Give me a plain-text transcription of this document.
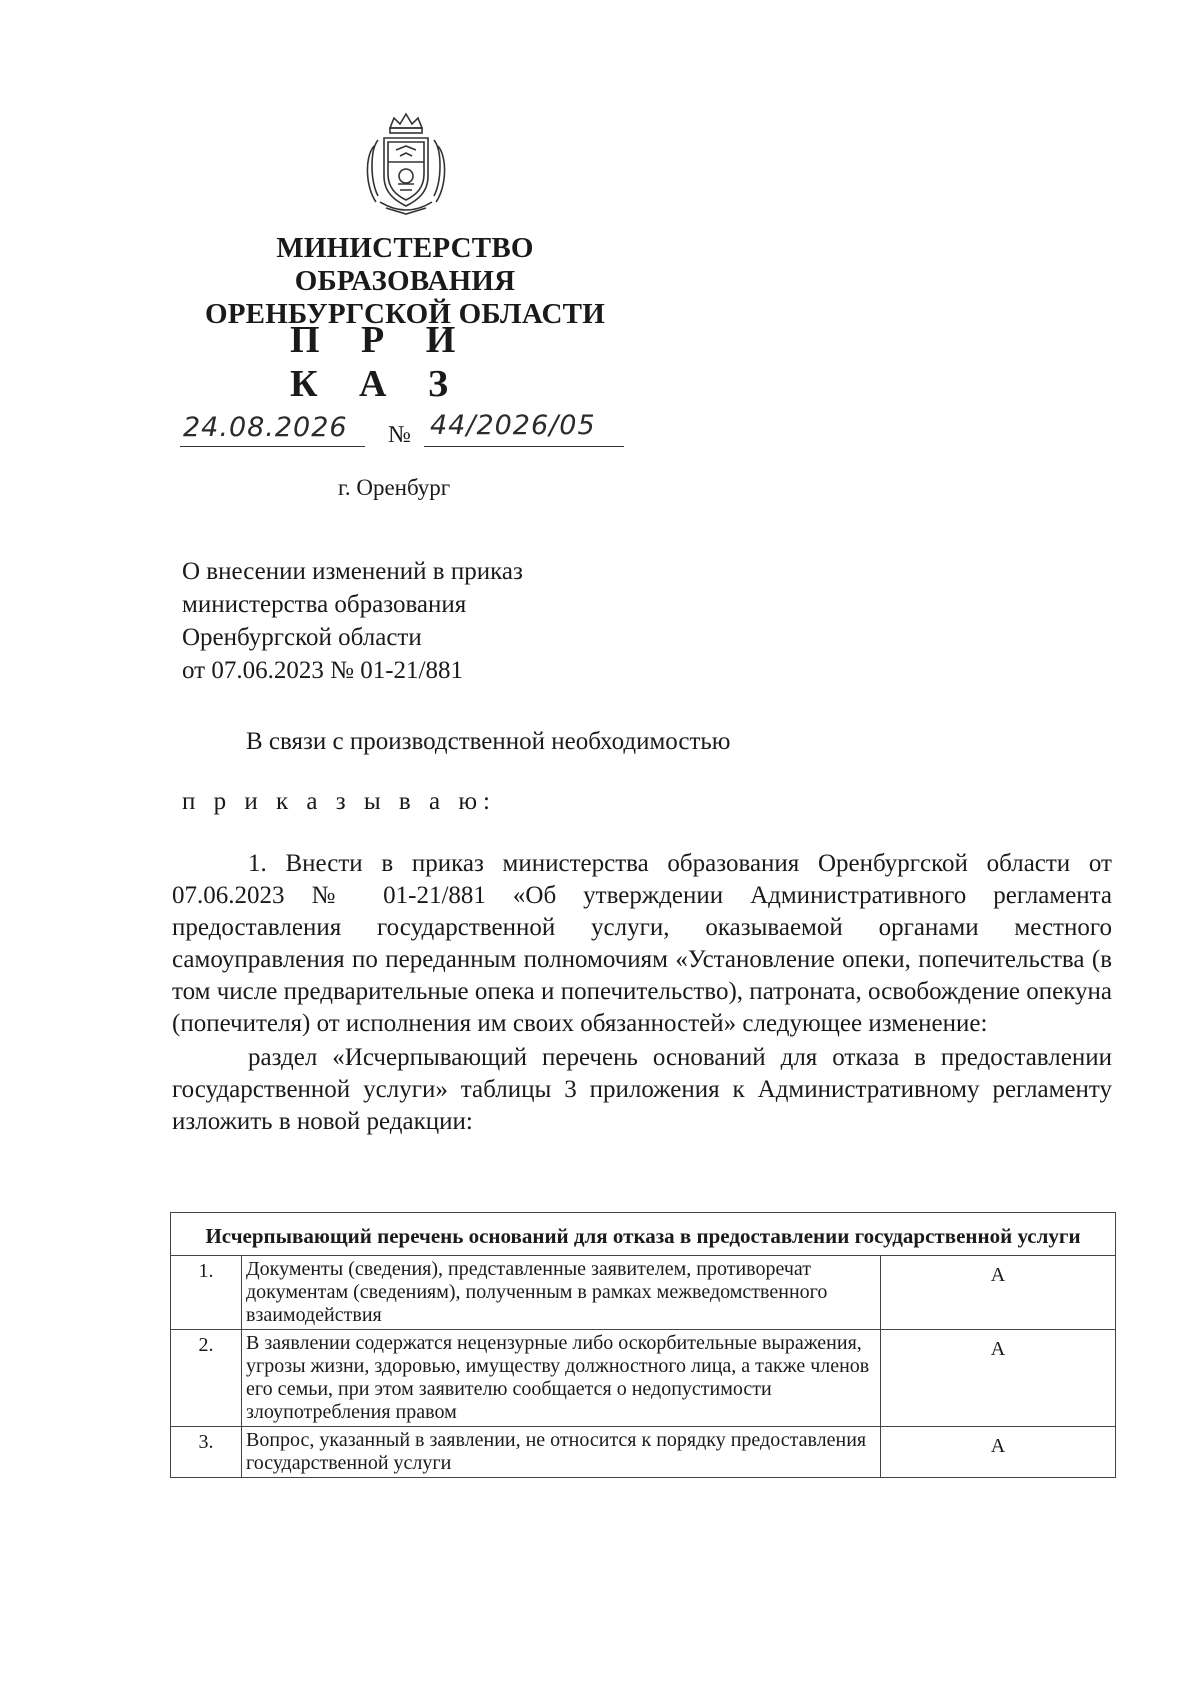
МИНИСТЕРСТВО ОБРАЗОВАНИЯ
ОРЕНБУРГСКОЙ ОБЛАСТИ
П Р И К А З
24.08.2026 № 44/2026/05
г. Оренбург
О внесении изменений в приказ
министерства образования
Оренбургской области
от 07.06.2023 № 01-21/881
В связи с производственной необходимостью
п р и к а з ы в а ю:

1. Внести в приказ министерства образования Оренбургской области от 07.06.2023 № 01-21/881 «Об утверждении Административного регламента предоставления государственной услуги, оказываемой органами местного самоуправления по переданным полномочиям «Установление опеки, попечительства (в том числе предварительные опека и попечительство), патроната, освобождение опекуна (попечителя) от исполнения им своих обязанностей» следующее изменение:

раздел «Исчерпывающий перечень оснований для отказа в предоставлении государственной услуги» таблицы 3 приложения к Административному регламенту изложить в новой редакции:

Исчерпывающий перечень оснований для отказа в предоставлении государственной услуги		
1.	Документы (сведения), представленные заявителем, противоречат документам (сведениям), полученным в рамках межведомственного взаимодействия	А
2.	В заявлении содержатся нецензурные либо оскорбительные выражения, угрозы жизни, здоровью, имуществу должностного лица, а также членов его семьи, при этом заявителю сообщается о недопустимости злоупотребления правом	А
3.	Вопрос, указанный в заявлении, не относится к порядку предоставления государственной услуги	А
